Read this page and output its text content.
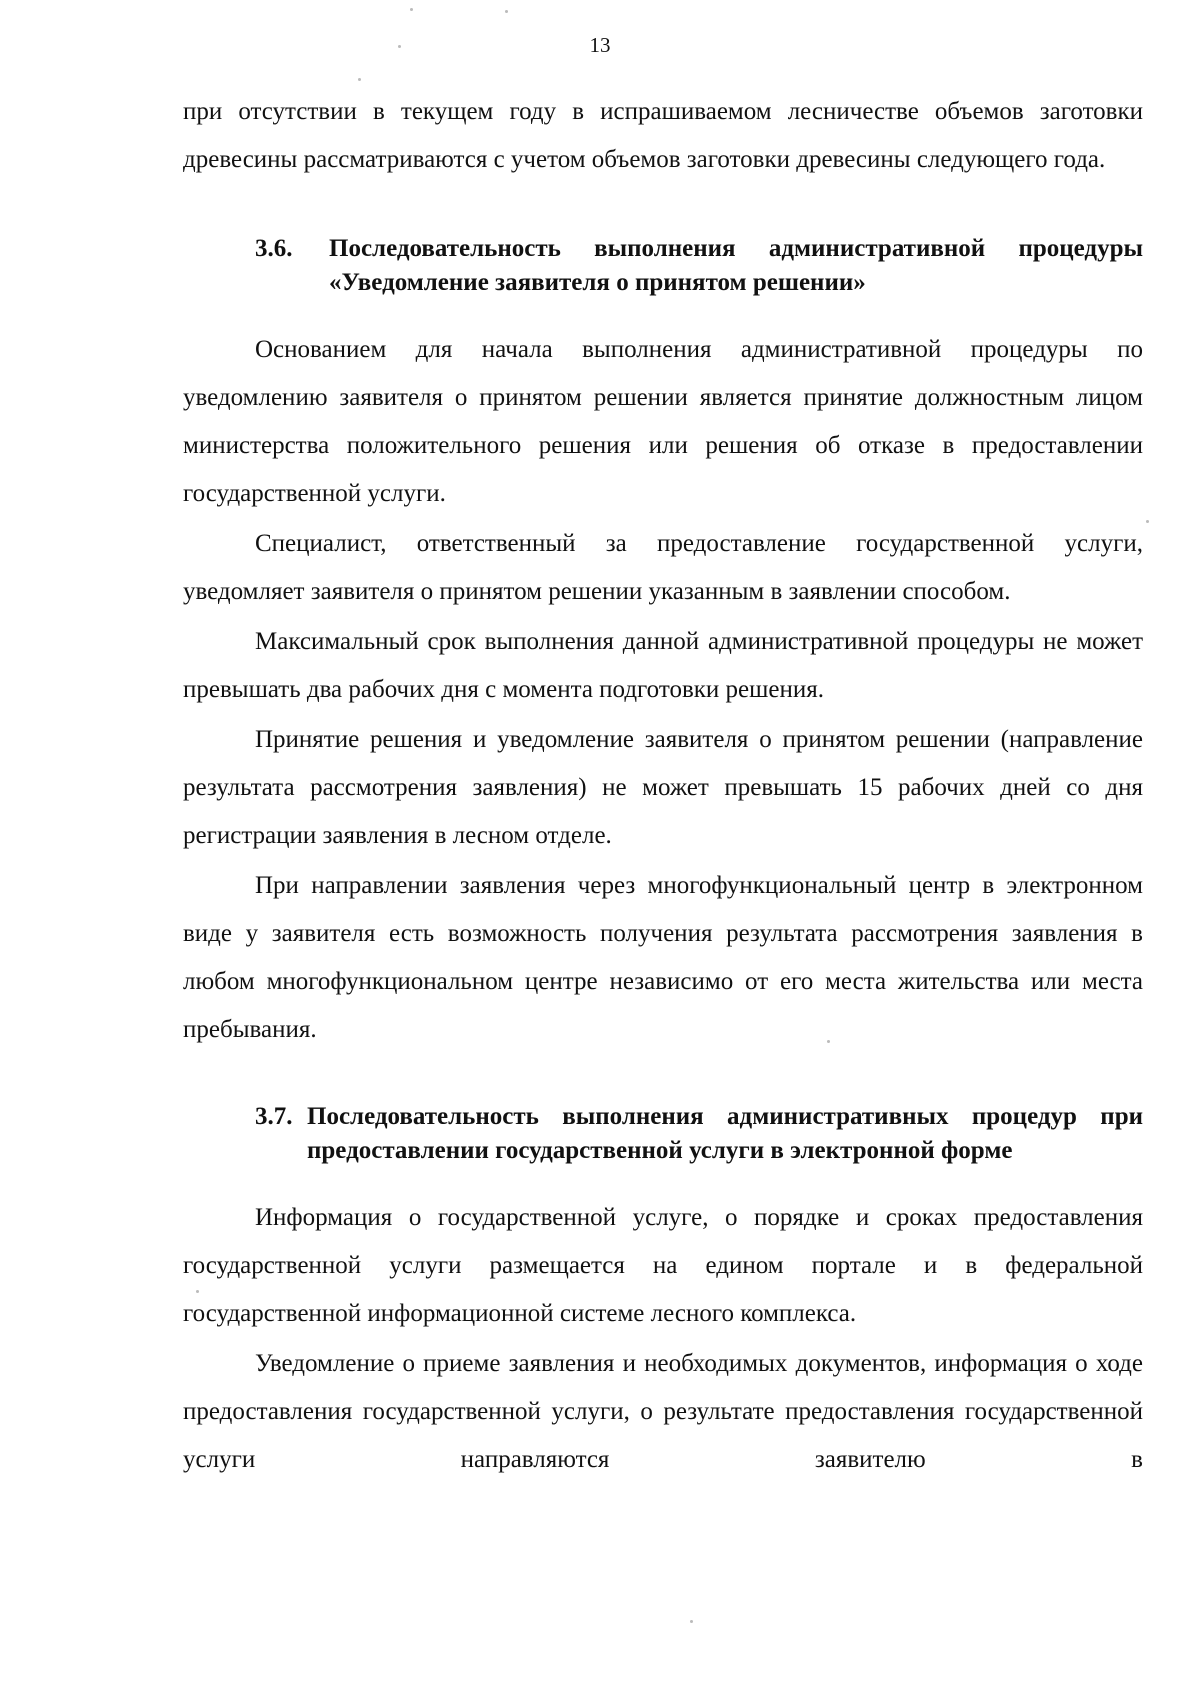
13

при отсутствии в текущем году в испрашиваемом лесничестве объемов заготовки древесины рассматриваются с учетом объемов заготовки древесины следующего года.

3.6.	Последовательность выполнения административной процедуры «Уведомление заявителя о принятом решении»

Основанием для начала выполнения административной процедуры по уведомлению заявителя о принятом решении является принятие должностным лицом министерства положительного решения или решения об отказе в предоставлении государственной услуги.

Специалист, ответственный за предоставление государственной услуги, уведомляет заявителя о принятом решении указанным в заявлении способом.

Максимальный срок выполнения данной административной процедуры не может превышать два рабочих дня с момента подготовки решения.

Принятие решения и уведомление заявителя о принятом решении (направление результата рассмотрения заявления) не может превышать 15 рабочих дней со дня регистрации заявления в лесном отделе.

При направлении заявления через многофункциональный центр в электронном виде у заявителя есть возможность получения результата рассмотрения заявления в любом многофункциональном центре независимо от его места жительства или места пребывания.

3.7. Последовательность выполнения административных процедур при предоставлении государственной услуги в электронной форме

Информация о государственной услуге, о порядке и сроках предоставления государственной услуги размещается на едином портале и в федеральной государственной информационной системе лесного комплекса.

Уведомление о приеме заявления и необходимых документов, информация о ходе предоставления государственной услуги, о результате предоставления государственной услуги направляются заявителю в
